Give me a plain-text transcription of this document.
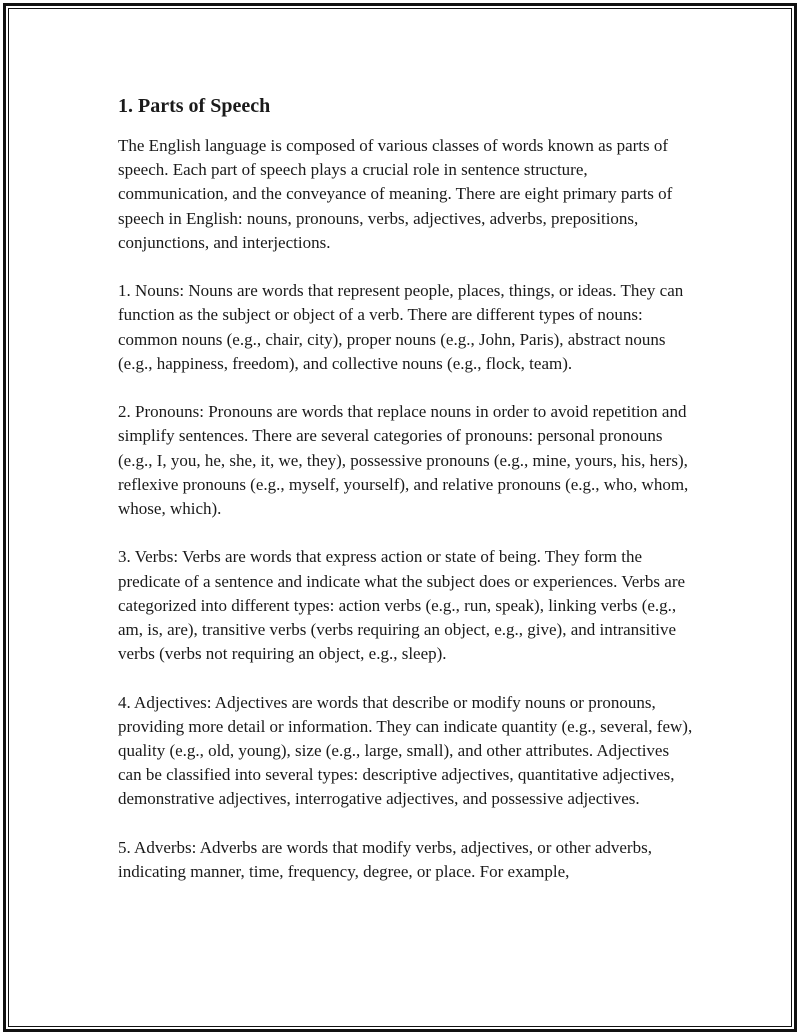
1. Parts of Speech

The English language is composed of various classes of words known as parts of speech. Each part of speech plays a crucial role in sentence structure, communication, and the conveyance of meaning. There are eight primary parts of speech in English: nouns, pronouns, verbs, adjectives, adverbs, prepositions, conjunctions, and interjections.

1. Nouns: Nouns are words that represent people, places, things, or ideas. They can function as the subject or object of a verb. There are different types of nouns: common nouns (e.g., chair, city), proper nouns (e.g., John, Paris), abstract nouns (e.g., happiness, freedom), and collective nouns (e.g., flock, team).

2. Pronouns: Pronouns are words that replace nouns in order to avoid repetition and simplify sentences. There are several categories of pronouns: personal pronouns (e.g., I, you, he, she, it, we, they), possessive pronouns (e.g., mine, yours, his, hers), reflexive pronouns (e.g., myself, yourself), and relative pronouns (e.g., who, whom, whose, which).

3. Verbs: Verbs are words that express action or state of being. They form the predicate of a sentence and indicate what the subject does or experiences. Verbs are categorized into different types: action verbs (e.g., run, speak), linking verbs (e.g., am, is, are), transitive verbs (verbs requiring an object, e.g., give), and intransitive verbs (verbs not requiring an object, e.g., sleep).

4. Adjectives: Adjectives are words that describe or modify nouns or pronouns, providing more detail or information. They can indicate quantity (e.g., several, few), quality (e.g., old, young), size (e.g., large, small), and other attributes. Adjectives can be classified into several types: descriptive adjectives, quantitative adjectives, demonstrative adjectives, interrogative adjectives, and possessive adjectives.

5. Adverbs: Adverbs are words that modify verbs, adjectives, or other adverbs, indicating manner, time, frequency, degree, or place. For example,
